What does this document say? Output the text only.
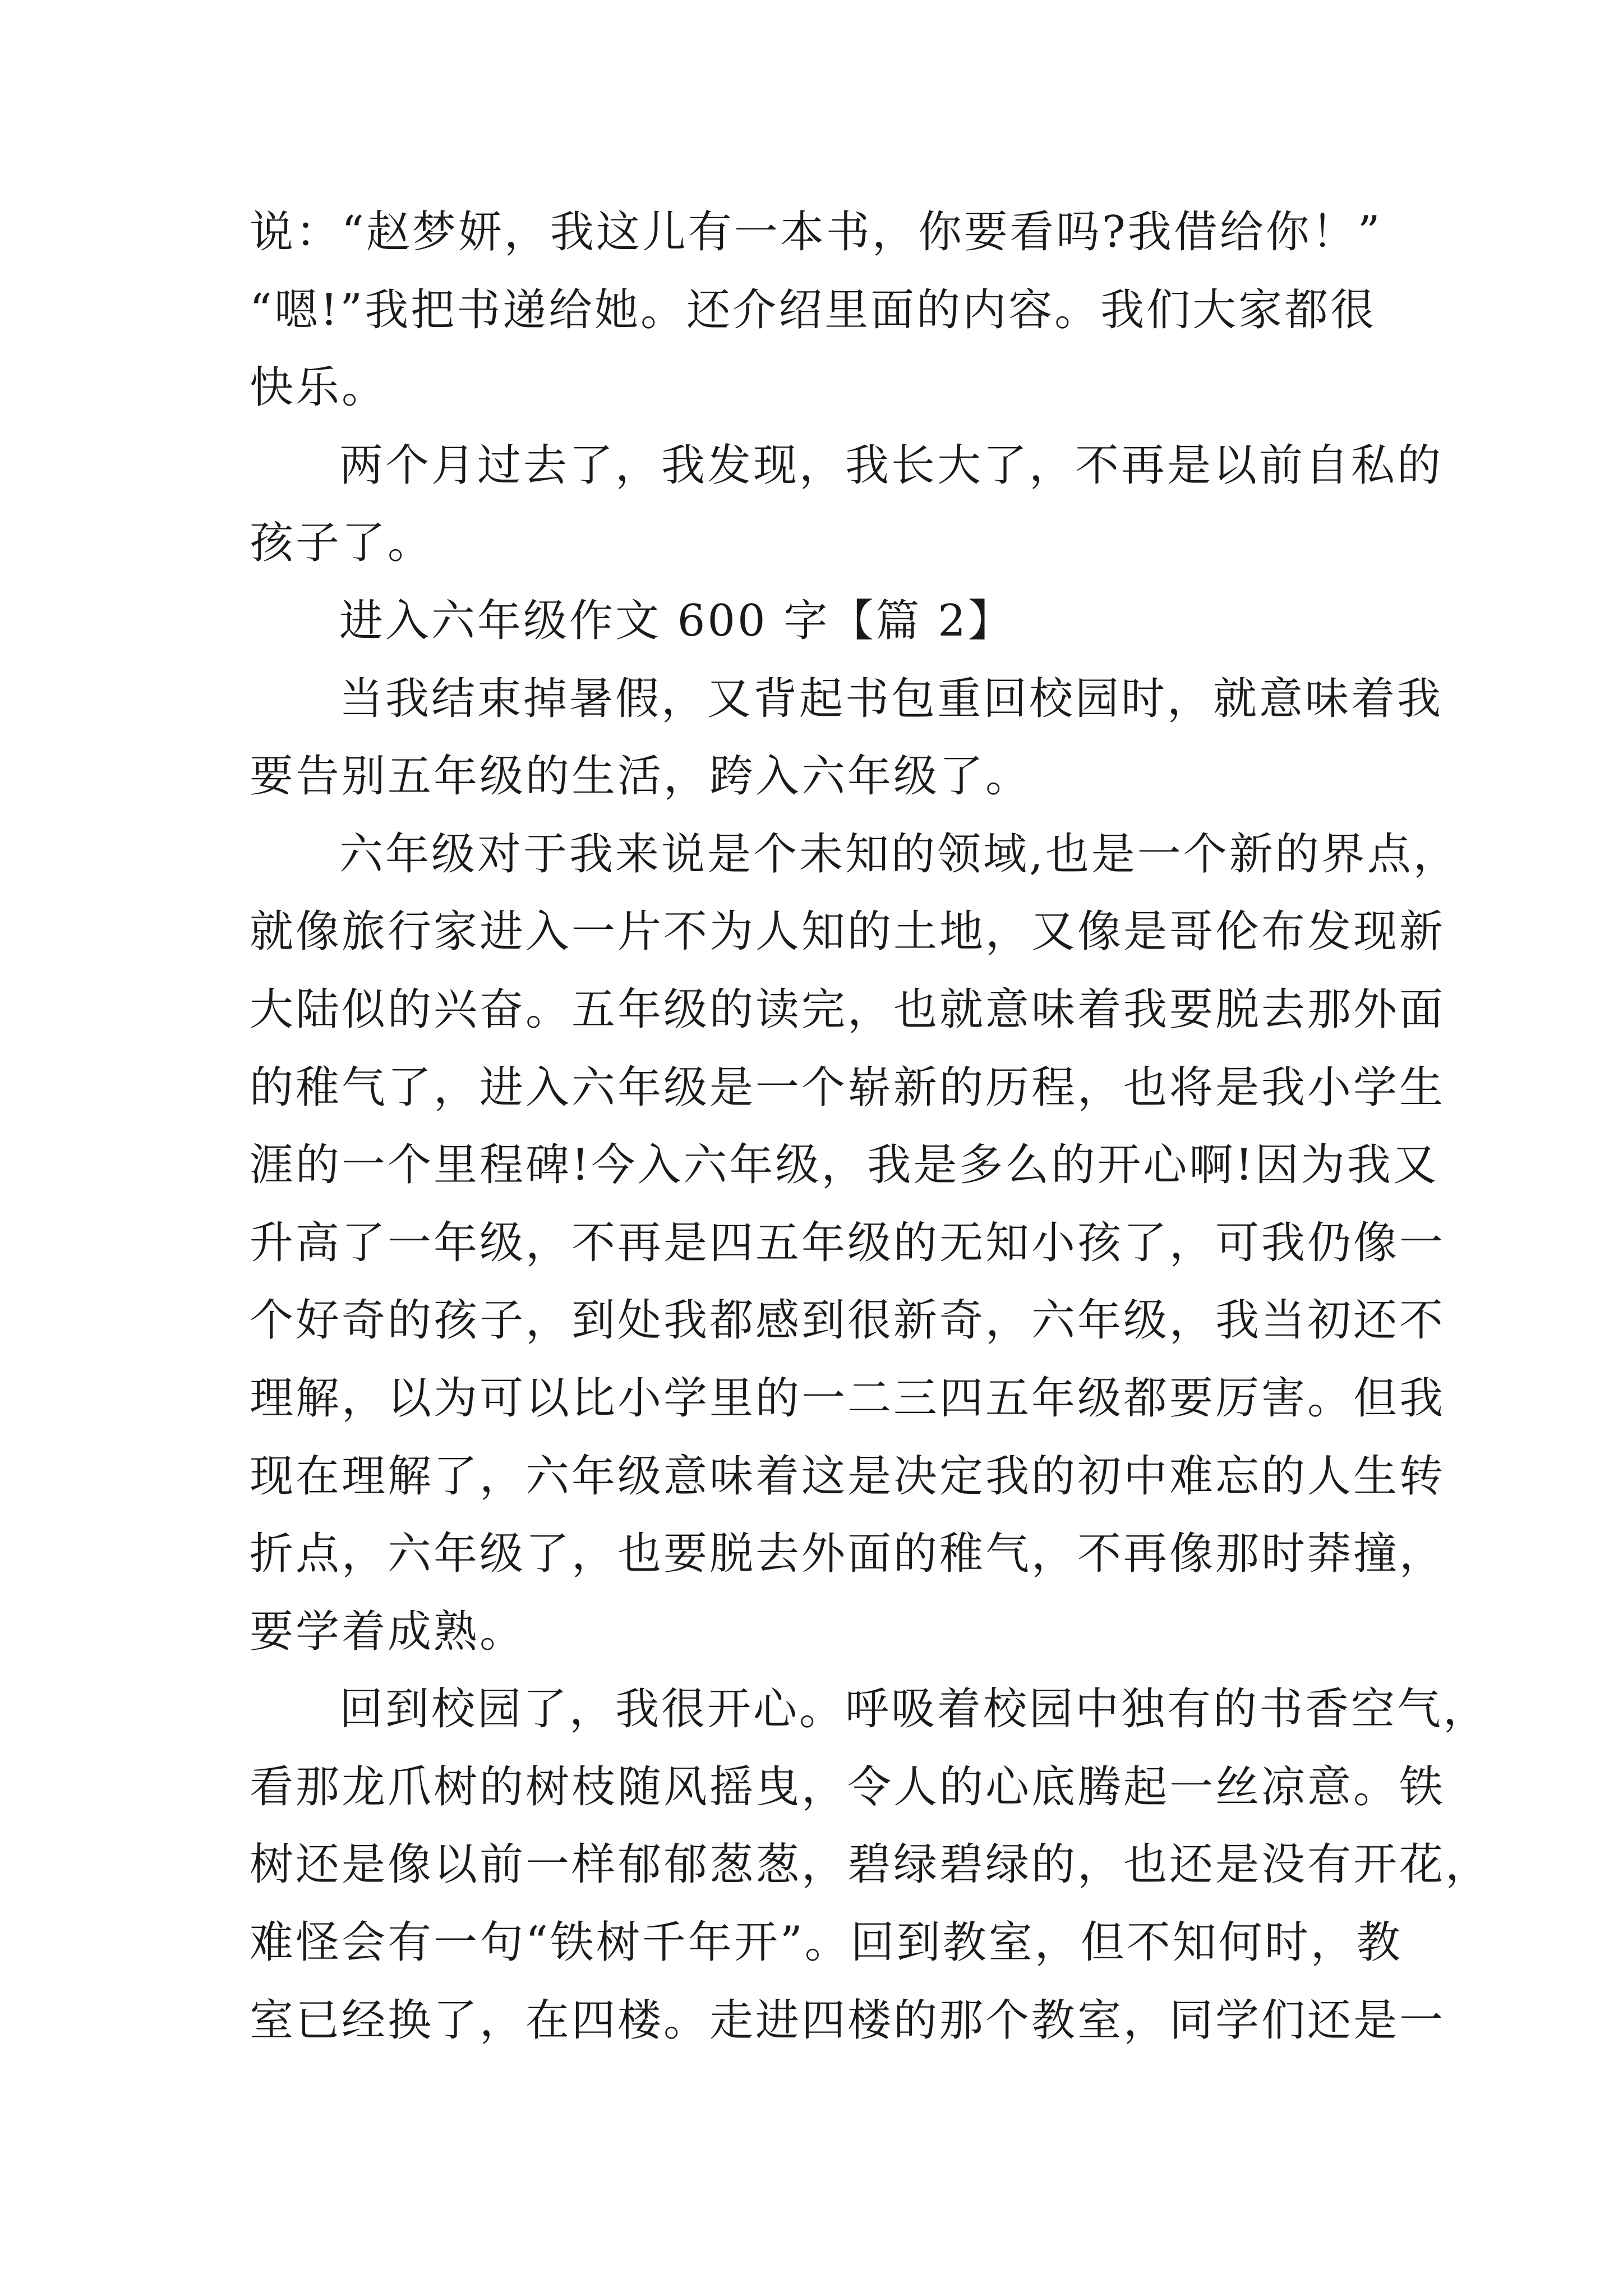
说：“赵梦妍，我这儿有一本书，你要看吗?我借给你！”
“嗯!”我把书递给她。还介绍里面的内容。我们大家都很
快乐。
两个月过去了，我发现，我长大了，不再是以前自私的
孩子了。
进入六年级作文 600 字【篇 2】
当我结束掉暑假，又背起书包重回校园时，就意味着我
要告别五年级的生活，跨入六年级了。
六年级对于我来说是个未知的领域,也是一个新的界点，
就像旅行家进入一片不为人知的土地，又像是哥伦布发现新
大陆似的兴奋。五年级的读完，也就意味着我要脱去那外面
的稚气了，进入六年级是一个崭新的历程，也将是我小学生
涯的一个里程碑!今入六年级，我是多么的开心啊!因为我又
升高了一年级，不再是四五年级的无知小孩了，可我仍像一
个好奇的孩子，到处我都感到很新奇，六年级，我当初还不
理解，以为可以比小学里的一二三四五年级都要厉害。但我
现在理解了，六年级意味着这是决定我的初中难忘的人生转
折点，六年级了，也要脱去外面的稚气，不再像那时莽撞，
要学着成熟。
回到校园了，我很开心。呼吸着校园中独有的书香空气，
看那龙爪树的树枝随风摇曳，令人的心底腾起一丝凉意。铁
树还是像以前一样郁郁葱葱，碧绿碧绿的，也还是没有开花，
难怪会有一句“铁树千年开”。回到教室，但不知何时，教
室已经换了，在四楼。走进四楼的那个教室，同学们还是一
